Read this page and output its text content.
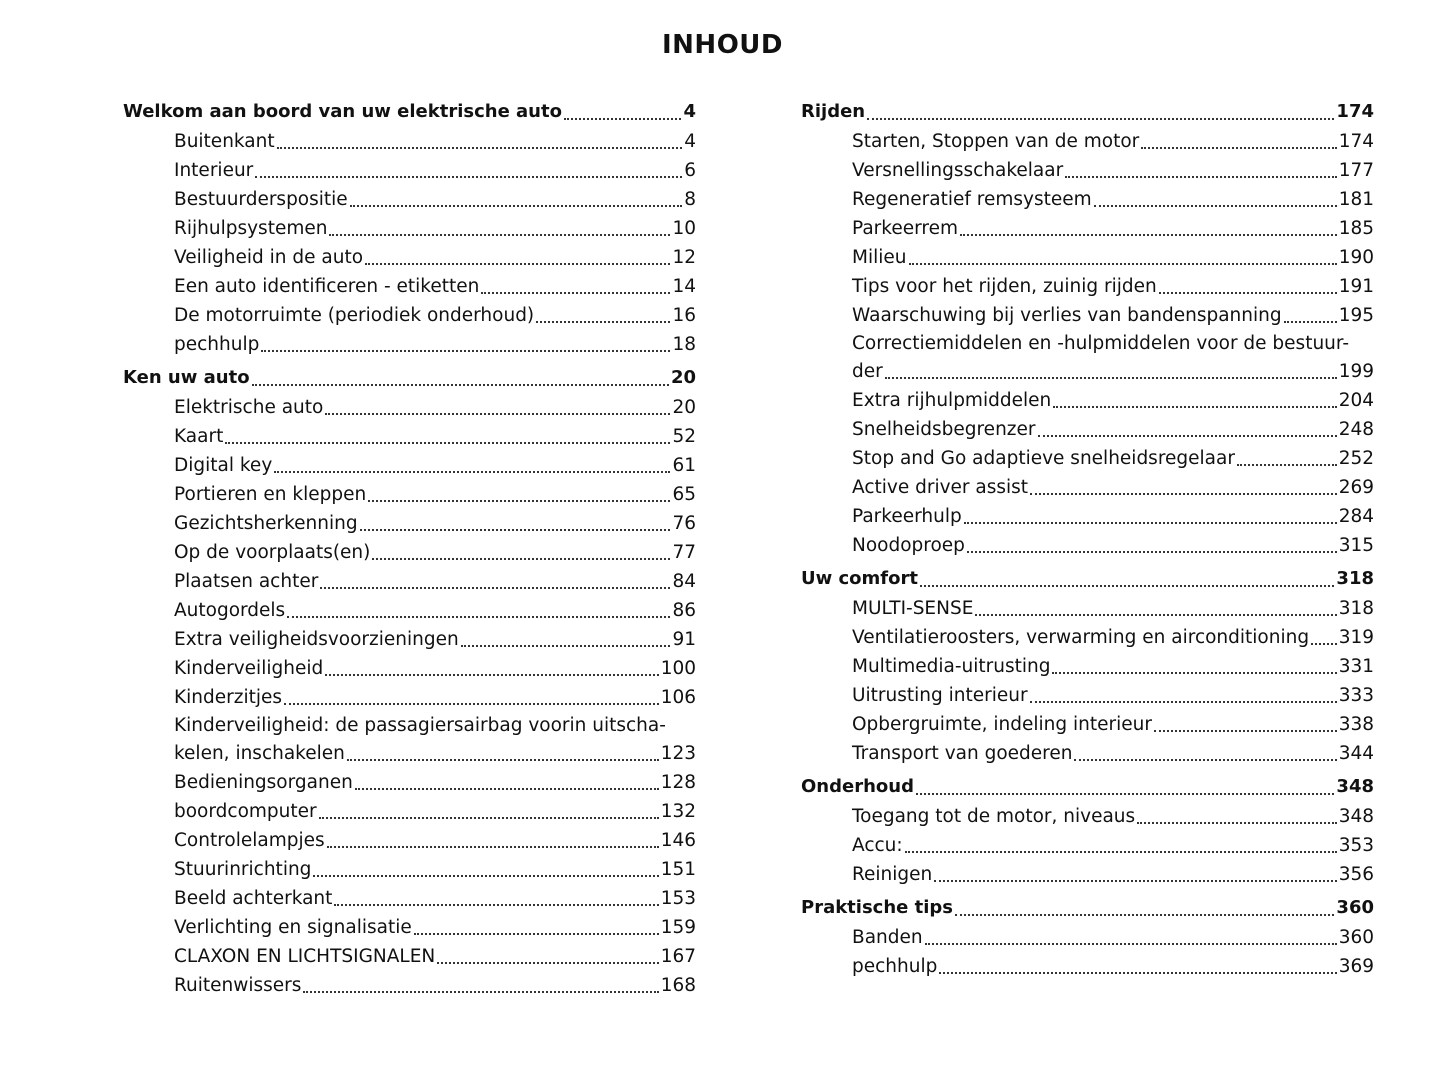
INHOUD
Welkom aan boord van uw elektrische auto	4
Buitenkant	4
Interieur	6
Bestuurderspositie	8
Rijhulpsystemen	10
Veiligheid in de auto	12
Een auto identificeren - etiketten	14
De motorruimte (periodiek onderhoud)	16
pechhulp	18
Ken uw auto	20
Elektrische auto	20
Kaart	52
Digital key	61
Portieren en kleppen	65
Gezichtsherkenning	76
Op de voorplaats(en)	77
Plaatsen achter	84
Autogordels	86
Extra veiligheidsvoorzieningen	91
Kinderveiligheid	100
Kinderzitjes	106
Kinderveiligheid: de passagiersairbag voorin uitscha-
kelen, inschakelen	123
Bedieningsorganen	128
boordcomputer	132
Controlelampjes	146
Stuurinrichting	151
Beeld achterkant	153
Verlichting en signalisatie	159
CLAXON EN LICHTSIGNALEN	167
Ruitenwissers	168
Rijden	174
Starten, Stoppen van de motor	174
Versnellingsschakelaar	177
Regeneratief remsysteem	181
Parkeerrem	185
Milieu	190
Tips voor het rijden, zuinig rijden	191
Waarschuwing bij verlies van bandenspanning	195
Correctiemiddelen en -hulpmiddelen voor de bestuur-
der	199
Extra rijhulpmiddelen	204
Snelheidsbegrenzer	248
Stop and Go adaptieve snelheidsregelaar	252
Active driver assist	269
Parkeerhulp	284
Noodoproep	315
Uw comfort	318
MULTI-SENSE	318
Ventilatieroosters, verwarming en airconditioning 319
Multimedia-uitrusting	331
Uitrusting interieur	333
Opbergruimte, indeling interieur	338
Transport van goederen	344
Onderhoud	348
Toegang tot de motor, niveaus	348
Accu:	353
Reinigen	356
Praktische tips	360
Banden	360
pechhulp	369
